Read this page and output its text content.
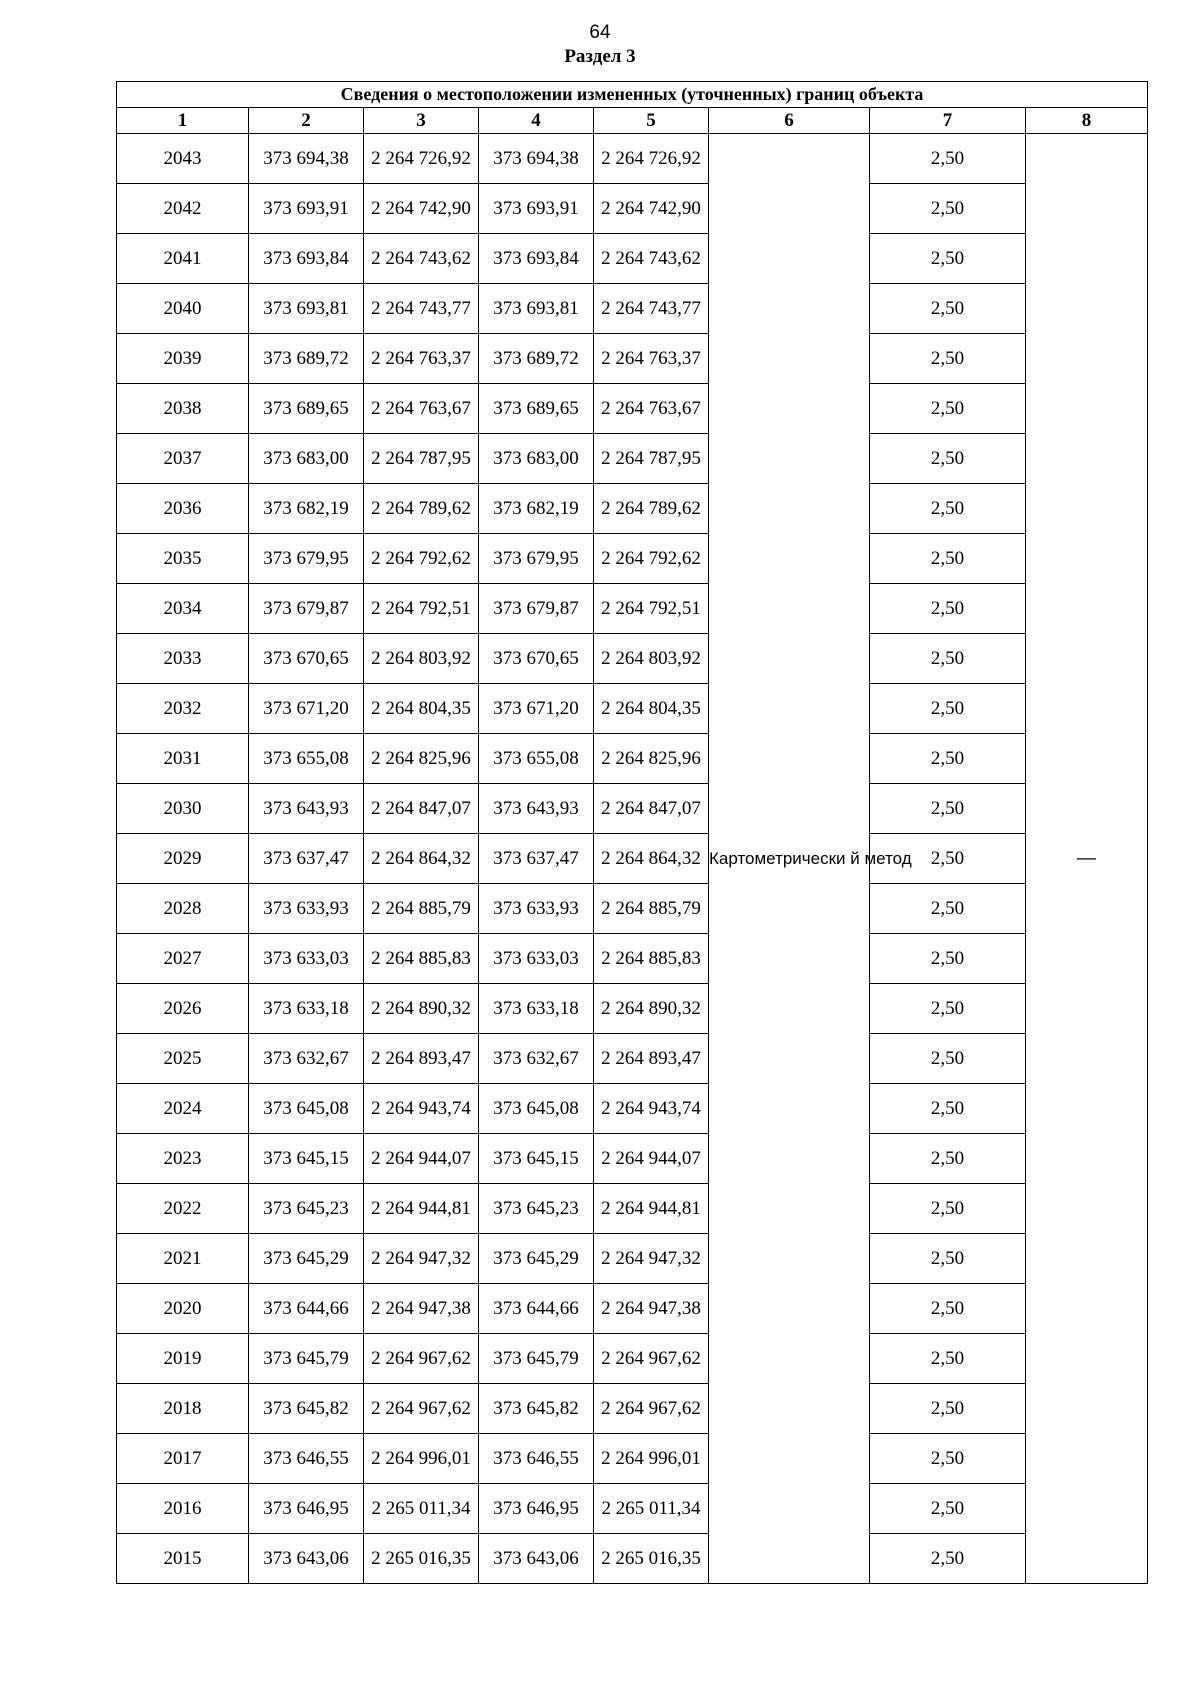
64
Раздел 3
Сведения о местоположении измененных (уточненных) границ объекта							
1	2	3	4	5	6	7	8
2043	373 694,38	2 264 726,92	373 694,38	2 264 726,92	Картометрически й метод	2,50	—
2042	373 693,91	2 264 742,90	373 693,91	2 264 742,90		2,50	
2041	373 693,84	2 264 743,62	373 693,84	2 264 743,62		2,50	
2040	373 693,81	2 264 743,77	373 693,81	2 264 743,77		2,50	
2039	373 689,72	2 264 763,37	373 689,72	2 264 763,37		2,50	
2038	373 689,65	2 264 763,67	373 689,65	2 264 763,67		2,50	
2037	373 683,00	2 264 787,95	373 683,00	2 264 787,95		2,50	
2036	373 682,19	2 264 789,62	373 682,19	2 264 789,62		2,50	
2035	373 679,95	2 264 792,62	373 679,95	2 264 792,62		2,50	
2034	373 679,87	2 264 792,51	373 679,87	2 264 792,51		2,50	
2033	373 670,65	2 264 803,92	373 670,65	2 264 803,92		2,50	
2032	373 671,20	2 264 804,35	373 671,20	2 264 804,35		2,50	
2031	373 655,08	2 264 825,96	373 655,08	2 264 825,96		2,50	
2030	373 643,93	2 264 847,07	373 643,93	2 264 847,07		2,50	
2029	373 637,47	2 264 864,32	373 637,47	2 264 864,32		2,50	
2028	373 633,93	2 264 885,79	373 633,93	2 264 885,79		2,50	
2027	373 633,03	2 264 885,83	373 633,03	2 264 885,83		2,50	
2026	373 633,18	2 264 890,32	373 633,18	2 264 890,32		2,50	
2025	373 632,67	2 264 893,47	373 632,67	2 264 893,47		2,50	
2024	373 645,08	2 264 943,74	373 645,08	2 264 943,74		2,50	
2023	373 645,15	2 264 944,07	373 645,15	2 264 944,07		2,50	
2022	373 645,23	2 264 944,81	373 645,23	2 264 944,81		2,50	
2021	373 645,29	2 264 947,32	373 645,29	2 264 947,32		2,50	
2020	373 644,66	2 264 947,38	373 644,66	2 264 947,38		2,50	
2019	373 645,79	2 264 967,62	373 645,79	2 264 967,62		2,50	
2018	373 645,82	2 264 967,62	373 645,82	2 264 967,62		2,50	
2017	373 646,55	2 264 996,01	373 646,55	2 264 996,01		2,50	
2016	373 646,95	2 265 011,34	373 646,95	2 265 011,34		2,50	
2015	373 643,06	2 265 016,35	373 643,06	2 265 016,35		2,50	
